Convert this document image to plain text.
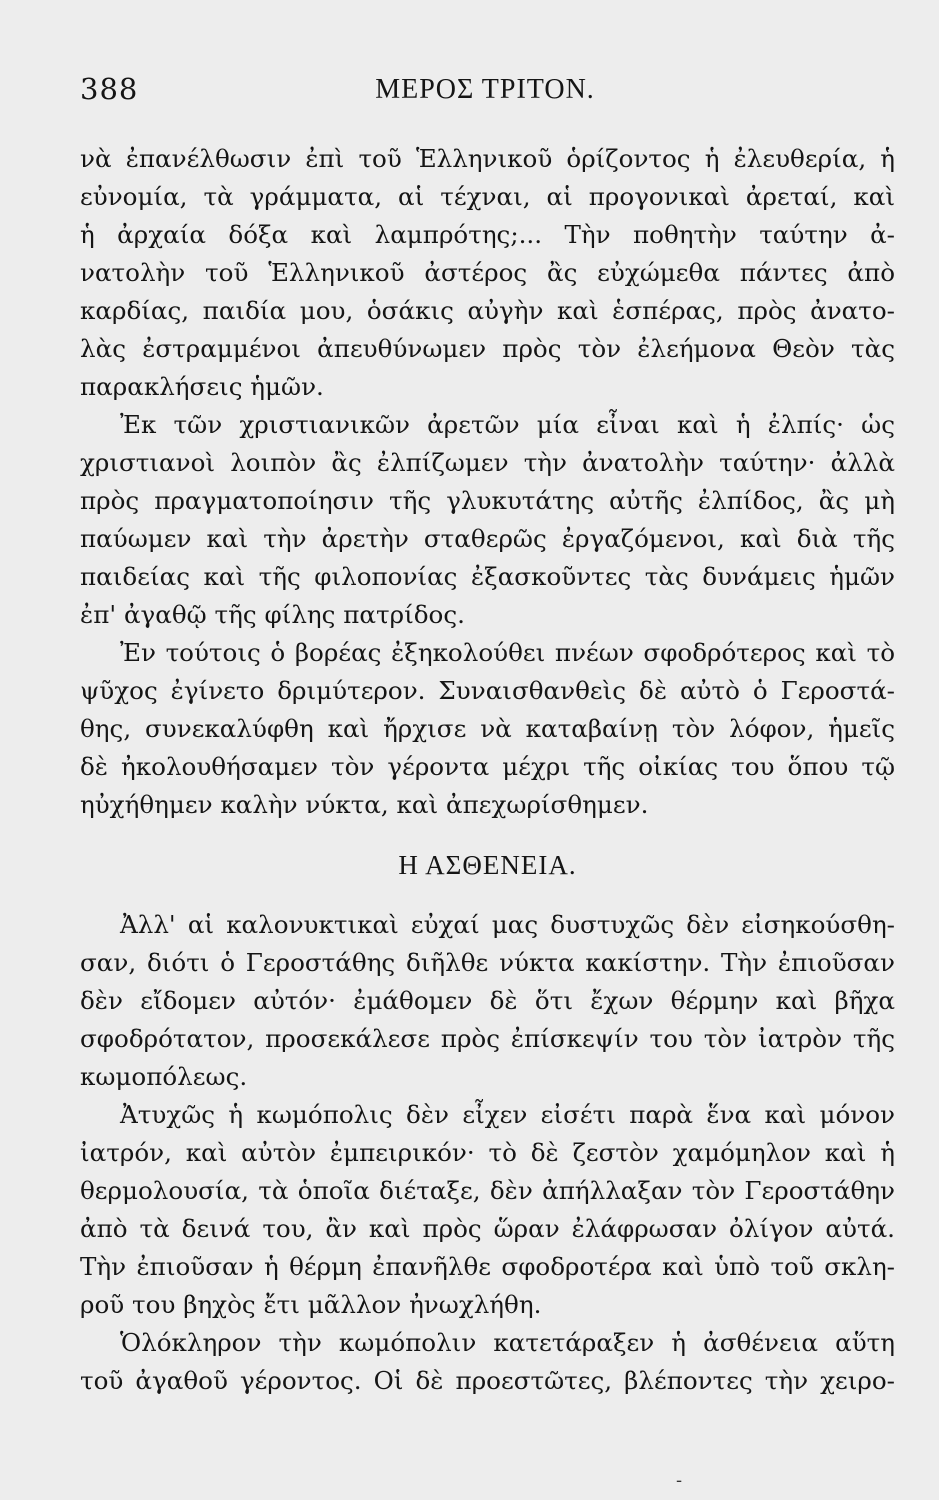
388	ΜΕΡΟΣ ΤΡΙΤΟΝ.
νὰ ἐπανέλθωσιν ἐπὶ τοῦ Ἑλληνικοῦ ὁρίζοντος ἡ ἐλευθερία, ἡ
εὐνομία, τὰ γράμματα, αἱ τέχναι, αἱ προγονικαὶ ἀρεταί, καὶ
ἡ ἀρχαία δόξα καὶ λαμπρότης;... Τὴν ποθητὴν ταύτην ἀ-
νατολὴν τοῦ Ἑλληνικοῦ ἀστέρος ἂς εὐχώμεθα πάντες ἀπὸ
καρδίας, παιδία μου, ὁσάκις αὐγὴν καὶ ἑσπέρας, πρὸς ἀνατο-
λὰς ἐστραμμένοι ἀπευθύνωμεν πρὸς τὸν ἐλεήμονα Θεὸν τὰς
παρακλήσεις ἡμῶν.
Ἐκ τῶν χριστιανικῶν ἀρετῶν μία εἶναι καὶ ἡ ἐλπίς· ὡς
χριστιανοὶ λοιπὸν ἂς ἐλπίζωμεν τὴν ἀνατολὴν ταύτην· ἀλλὰ
πρὸς πραγματοποίησιν τῆς γλυκυτάτης αὐτῆς ἐλπίδος, ἂς μὴ
παύωμεν καὶ τὴν ἀρετὴν σταθερῶς ἐργαζόμενοι, καὶ διὰ τῆς
παιδείας καὶ τῆς φιλοπονίας ἐξασκοῦντες τὰς δυνάμεις ἡμῶν
ἐπ' ἀγαθῷ τῆς φίλης πατρίδος.
Ἐν τούτοις ὁ βορέας ἐξηκολούθει πνέων σφοδρότερος καὶ τὸ
ψῦχος ἐγίνετο δριμύτερον. Συναισθανθεὶς δὲ αὐτὸ ὁ Γεροστά-
θης, συνεκαλύφθη καὶ ἤρχισε νὰ καταβαίνῃ τὸν λόφον, ἡμεῖς
δὲ ἠκολουθήσαμεν τὸν γέροντα μέχρι τῆς οἰκίας του ὅπου τῷ
ηὐχήθημεν καλὴν νύκτα, καὶ ἀπεχωρίσθημεν.
Η ΑΣΘΕΝΕΙΑ.
Ἀλλ' αἱ καλονυκτικαὶ εὐχαί μας δυστυχῶς δὲν εἰσηκούσθη-
σαν, διότι ὁ Γεροστάθης διῆλθε νύκτα κακίστην. Τὴν ἐπιοῦσαν
δὲν εἴδομεν αὐτόν· ἐμάθομεν δὲ ὅτι ἔχων θέρμην καὶ βῆχα
σφοδρότατον, προσεκάλεσε πρὸς ἐπίσκεψίν του τὸν ἰατρὸν τῆς
κωμοπόλεως.
Ἀτυχῶς ἡ κωμόπολις δὲν εἶχεν εἰσέτι παρὰ ἕνα καὶ μόνον
ἰατρόν, καὶ αὐτὸν ἐμπειρικόν· τὸ δὲ ζεστὸν χαμόμηλον καὶ ἡ
θερμολουσία, τὰ ὁποῖα διέταξε, δὲν ἀπήλλαξαν τὸν Γεροστάθην
ἀπὸ τὰ δεινά του, ἂν καὶ πρὸς ὥραν ἐλάφρωσαν ὀλίγον αὐτά.
Τὴν ἐπιοῦσαν ἡ θέρμη ἐπανῆλθε σφοδροτέρα καὶ ὑπὸ τοῦ σκλη-
ροῦ του βηχὸς ἔτι μᾶλλον ἠνωχλήθη.
Ὁλόκληρον τὴν κωμόπολιν κατετάραξεν ἡ ἀσθένεια αὕτη
τοῦ ἀγαθοῦ γέροντος. Οἱ δὲ προεστῶτες, βλέποντες τὴν χειρο-
-
